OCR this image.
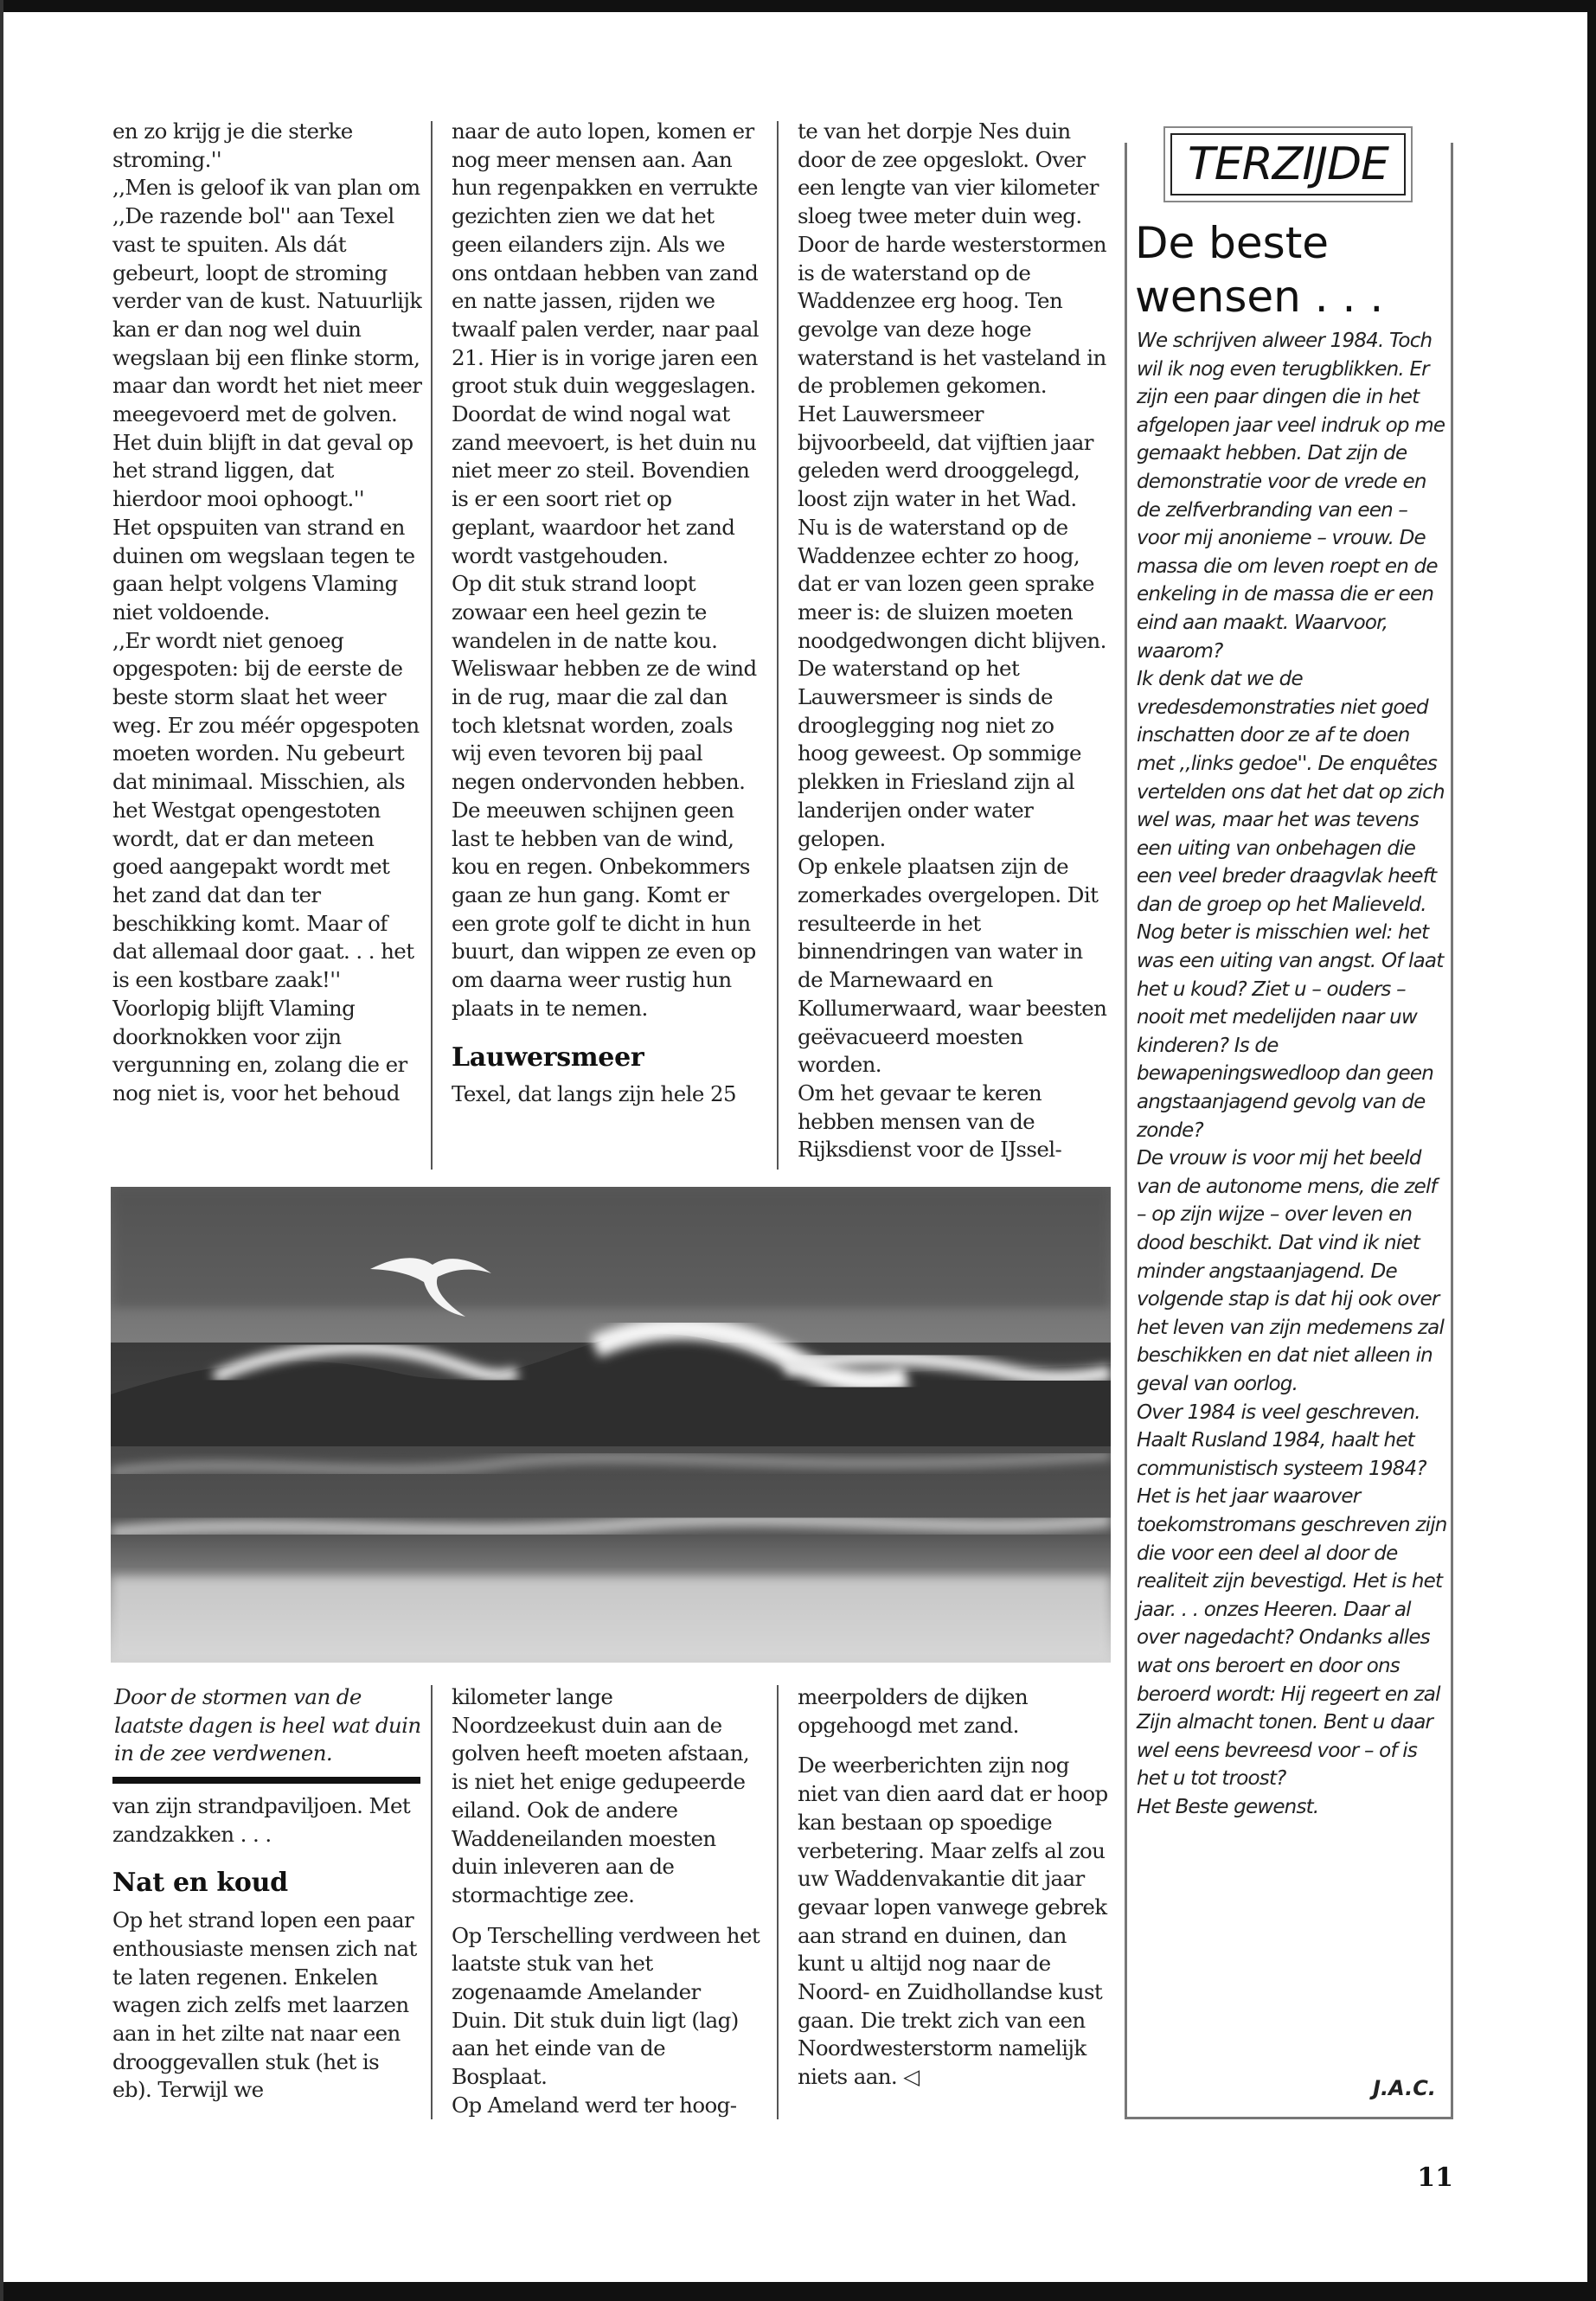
en zo krijg je die sterke stroming.''

,,Men is geloof ik van plan om ,,De razende bol'' aan Texel vast te spuiten. Als dát gebeurt, loopt de stroming verder van de kust. Natuurlijk kan er dan nog wel duin wegslaan bij een flinke storm, maar dan wordt het niet meer meegevoerd met de golven. Het duin blijft in dat geval op het strand liggen, dat hierdoor mooi ophoogt.''

Het opspuiten van strand en duinen om wegslaan tegen te gaan helpt volgens Vlaming niet voldoende.

,,Er wordt niet genoeg opgespoten: bij de eerste de beste storm slaat het weer weg. Er zou méér opgespoten moeten worden. Nu gebeurt dat minimaal. Misschien, als het Westgat opengestoten wordt, dat er dan meteen goed aangepakt wordt met het zand dat dan ter beschikking komt. Maar of dat allemaal door gaat. . . het is een kostbare zaak!''

Voorlopig blijft Vlaming doorknokken voor zijn vergunning en, zolang die er nog niet is, voor het behoud

naar de auto lopen, komen er nog meer mensen aan. Aan hun regenpakken en verrukte gezichten zien we dat het geen eilanders zijn. Als we ons ontdaan hebben van zand en natte jassen, rijden we twaalf palen verder, naar paal 21. Hier is in vorige jaren een groot stuk duin weggeslagen. Doordat de wind nogal wat zand meevoert, is het duin nu niet meer zo steil. Bovendien is er een soort riet op geplant, waardoor het zand wordt vastgehouden.

Op dit stuk strand loopt zowaar een heel gezin te wandelen in de natte kou. Weliswaar hebben ze de wind in de rug, maar die zal dan toch kletsnat worden, zoals wij even tevoren bij paal negen ondervonden hebben. De meeuwen schijnen geen last te hebben van de wind, kou en regen. Onbekommers gaan ze hun gang. Komt er een grote golf te dicht in hun buurt, dan wippen ze even op om daarna weer rustig hun plaats in te nemen.

Lauwersmeer

Texel, dat langs zijn hele 25

te van het dorpje Nes duin door de zee opgeslokt. Over een lengte van vier kilometer sloeg twee meter duin weg.

Door de harde westerstormen is de waterstand op de Waddenzee erg hoog. Ten gevolge van deze hoge waterstand is het vasteland in de problemen gekomen.

Het Lauwersmeer bijvoorbeeld, dat vijftien jaar geleden werd drooggelegd, loost zijn water in het Wad. Nu is de waterstand op de Waddenzee echter zo hoog, dat er van lozen geen sprake meer is: de sluizen moeten noodgedwongen dicht blijven. De waterstand op het Lauwersmeer is sinds de drooglegging nog niet zo hoog geweest. Op sommige plekken in Friesland zijn al landerijen onder water gelopen.

Op enkele plaatsen zijn de zomerkades overgelopen. Dit resulteerde in het binnendringen van water in de Marnewaard en Kollumerwaard, waar beesten geëvacueerd moesten worden.

Om het gevaar te keren hebben mensen van de Rijksdienst voor de IJssel-

Door de stormen van de laatste dagen is heel wat duin in de zee verdwenen.

van zijn strandpaviljoen. Met zandzakken . . .

Nat en koud

Op het strand lopen een paar enthousiaste mensen zich nat te laten regenen. Enkelen wagen zich zelfs met laarzen aan in het zilte nat naar een drooggevallen stuk (het is eb). Terwijl we

kilometer lange Noordzeekust duin aan de golven heeft moeten afstaan, is niet het enige gedupeerde eiland. Ook de andere Waddeneilanden moesten duin inleveren aan de stormachtige zee.

Op Terschelling verdween het laatste stuk van het zogenaamde Amelander Duin. Dit stuk duin ligt (lag) aan het einde van de Bosplaat.

Op Ameland werd ter hoog-

meerpolders de dijken opgehoogd met zand.

De weerberichten zijn nog niet van dien aard dat er hoop kan bestaan op spoedige verbetering. Maar zelfs al zou uw Waddenvakantie dit jaar gevaar lopen vanwege gebrek aan strand en duinen, dan kunt u altijd nog naar de Noord- en Zuidhollandse kust gaan. Die trekt zich van een Noordwesterstorm namelijk niets aan. ◁

TERZIJDE
De beste wensen . . .

We schrijven alweer 1984. Toch wil ik nog even terugblikken. Er zijn een paar dingen die in het afgelopen jaar veel indruk op me gemaakt hebben. Dat zijn de demonstratie voor de vrede en de zelfverbranding van een – voor mij anonieme – vrouw. De massa die om leven roept en de enkeling in de massa die er een eind aan maakt. Waarvoor, waarom?

Ik denk dat we de vredesdemonstraties niet goed inschatten door ze af te doen met ,,links gedoe''. De enquêtes vertelden ons dat het dat op zich wel was, maar het was tevens een uiting van onbehagen die een veel breder draagvlak heeft dan de groep op het Malieveld. Nog beter is misschien wel: het was een uiting van angst. Of laat het u koud? Ziet u – ouders – nooit met medelijden naar uw kinderen? Is de bewapeningswedloop dan geen angstaanjagend gevolg van de zonde?

De vrouw is voor mij het beeld van de autonome mens, die zelf – op zijn wijze – over leven en dood beschikt. Dat vind ik niet minder angstaanjagend. De volgende stap is dat hij ook over het leven van zijn medemens zal beschikken en dat niet alleen in geval van oorlog.

Over 1984 is veel geschreven. Haalt Rusland 1984, haalt het communistisch systeem 1984? Het is het jaar waarover toekomstromans geschreven zijn die voor een deel al door de realiteit zijn bevestigd. Het is het jaar. . . onzes Heeren. Daar al over nagedacht? Ondanks alles wat ons beroert en door ons beroerd wordt: Hij regeert en zal Zijn almacht tonen. Bent u daar wel eens bevreesd voor – of is het u tot troost?

Het Beste gewenst.

J.A.C.
11
